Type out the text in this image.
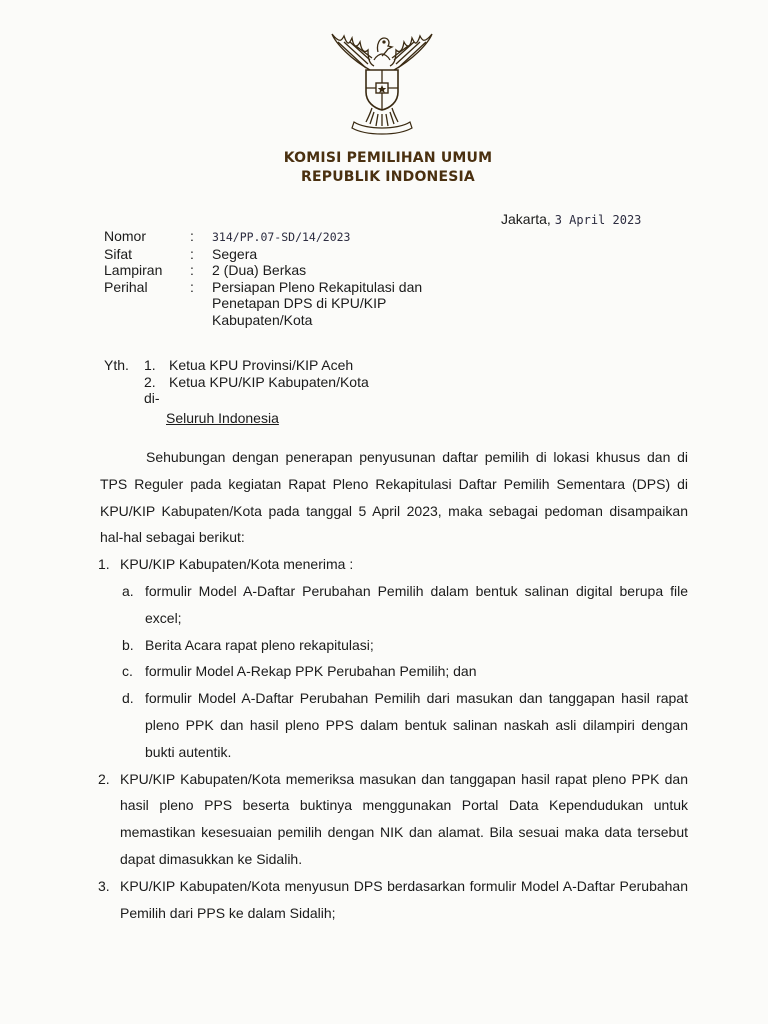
KOMISI PEMILIHAN UMUM
REPUBLIK INDONESIA
Jakarta, 3 April 2023
Nomor	:	314/PP.07-SD/14/2023
Sifat	:	Segera
Lampiran	:	2 (Dua) Berkas
Perihal	:	Persiapan Pleno Rekapitulasi dan
Penetapan DPS di KPU/KIP
Kabupaten/Kota
Yth.	1. Ketua KPU Provinsi/KIP Aceh
2. Ketua KPU/KIP Kabupaten/Kota
di-
Seluruh Indonesia
Sehubungan dengan penerapan penyusunan daftar pemilih di lokasi khusus dan di TPS Reguler pada kegiatan Rapat Pleno Rekapitulasi Daftar Pemilih Sementara (DPS) di KPU/KIP Kabupaten/Kota pada tanggal 5 April 2023, maka sebagai pedoman disampaikan hal-hal sebagai berikut:
1. KPU/KIP Kabupaten/Kota menerima :
a. formulir Model A-Daftar Perubahan Pemilih dalam bentuk salinan digital berupa file excel;
b. Berita Acara rapat pleno rekapitulasi;
c. formulir Model A-Rekap PPK Perubahan Pemilih; dan
d. formulir Model A-Daftar Perubahan Pemilih dari masukan dan tanggapan hasil rapat pleno PPK dan hasil pleno PPS dalam bentuk salinan naskah asli dilampiri dengan bukti autentik.
2. KPU/KIP Kabupaten/Kota memeriksa masukan dan tanggapan hasil rapat pleno PPK dan hasil pleno PPS beserta buktinya menggunakan Portal Data Kependudukan untuk memastikan kesesuaian pemilih dengan NIK dan alamat. Bila sesuai maka data tersebut dapat dimasukkan ke Sidalih.
3. KPU/KIP Kabupaten/Kota menyusun DPS berdasarkan formulir Model A-Daftar Perubahan Pemilih dari PPS ke dalam Sidalih;
